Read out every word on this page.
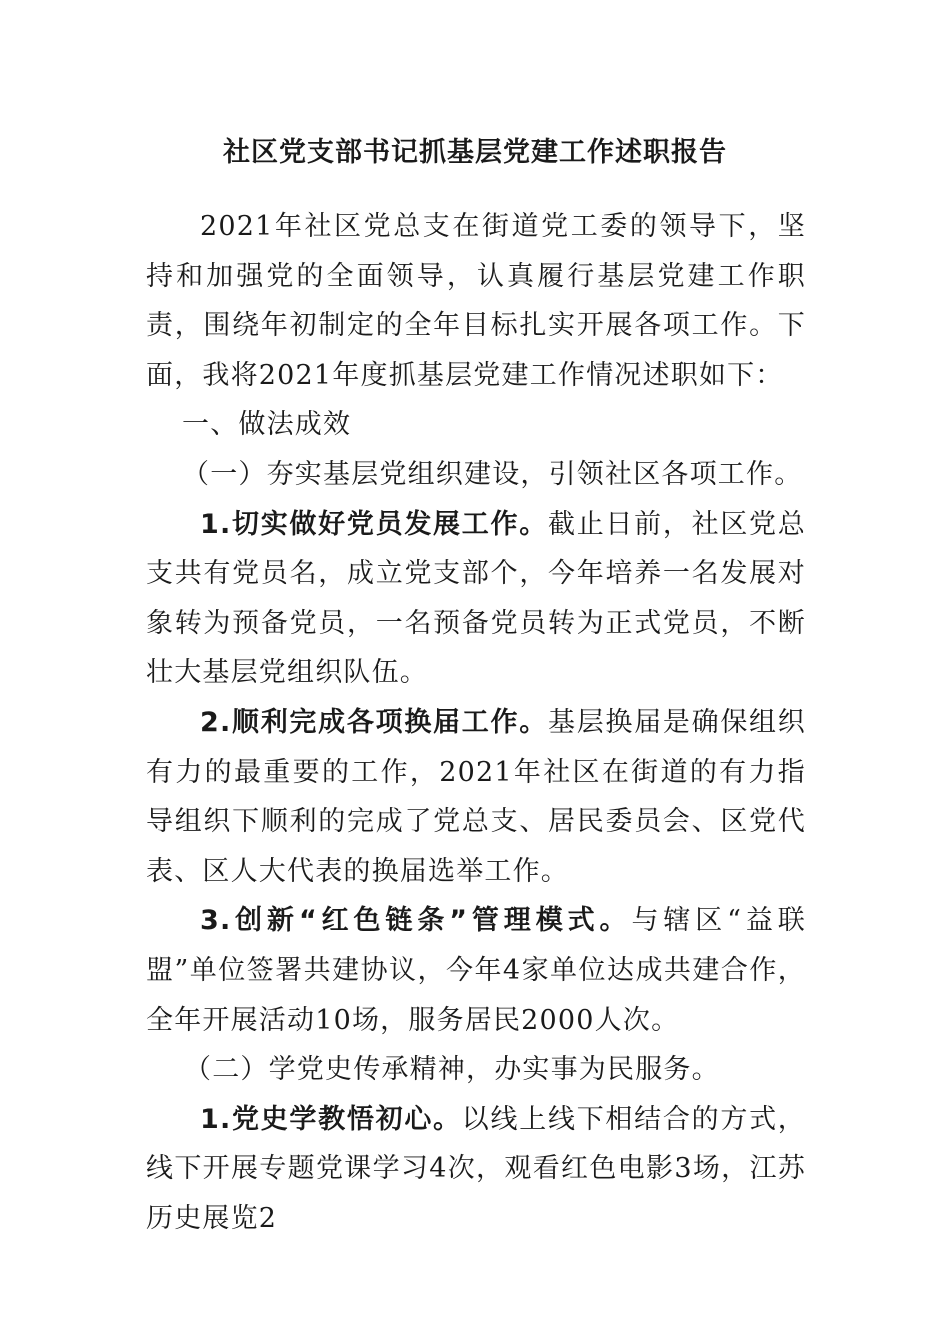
社区党支部书记抓基层党建工作述职报告

2021年社区党总支在街道党工委的领导下，坚持和加强党的全面领导，认真履行基层党建工作职责，围绕年初制定的全年目标扎实开展各项工作。下面，我将2021年度抓基层党建工作情况述职如下：

一、做法成效

（一）夯实基层党组织建设，引领社区各项工作。

1.切实做好党员发展工作。截止日前，社区党总支共有党员名，成立党支部个，今年培养一名发展对象转为预备党员，一名预备党员转为正式党员，不断壮大基层党组织队伍。

2.顺利完成各项换届工作。基层换届是确保组织有力的最重要的工作，2021年社区在街道的有力指导组织下顺利的完成了党总支、居民委员会、区党代表、区人大代表的换届选举工作。

3.创新“红色链条”管理模式。与辖区“益联盟”单位签署共建协议，今年4家单位达成共建合作，全年开展活动10场，服务居民2000人次。

（二）学党史传承精神，办实事为民服务。

1.党史学教悟初心。以线上线下相结合的方式，线下开展专题党课学习4次，观看红色电影3场，江苏历史展览2
